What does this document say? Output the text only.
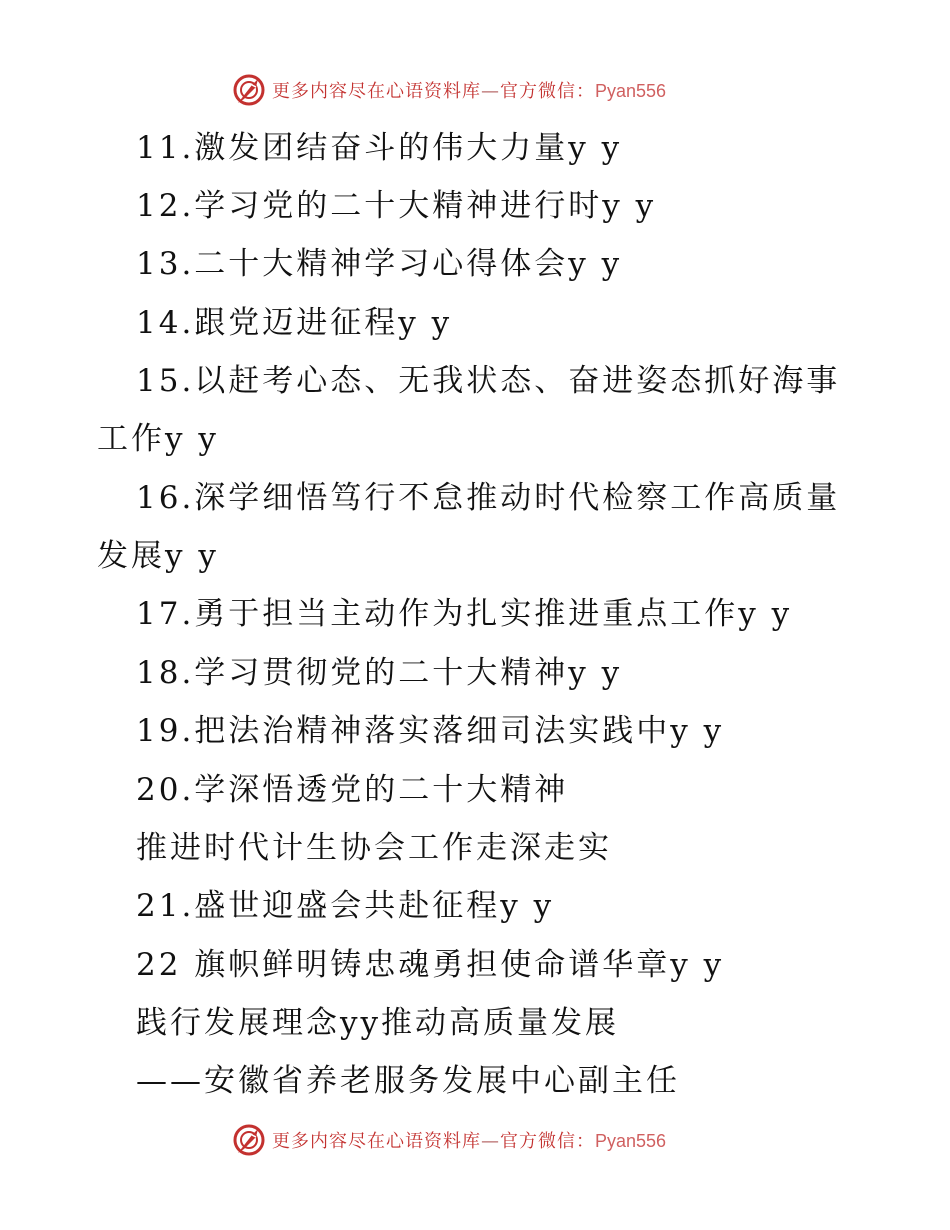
更多内容尽在心语资料库—官方微信：Pyan556
11.激发团结奋斗的伟大力量y y
12.学习党的二十大精神进行时y y
13.二十大精神学习心得体会y y
14.跟党迈进征程y y
15.以赶考心态、无我状态、奋进姿态抓好海事
工作y y
16.深学细悟笃行不怠推动时代检察工作高质量
发展y y
17.勇于担当主动作为扎实推进重点工作y y
18.学习贯彻党的二十大精神y y
19.把法治精神落实落细司法实践中y y
20.学深悟透党的二十大精神
推进时代计生协会工作走深走实
21.盛世迎盛会共赴征程y y
22 旗帜鲜明铸忠魂勇担使命谱华章y y
践行发展理念yy推动高质量发展
——安徽省养老服务发展中心副主任
更多内容尽在心语资料库—官方微信：Pyan556
